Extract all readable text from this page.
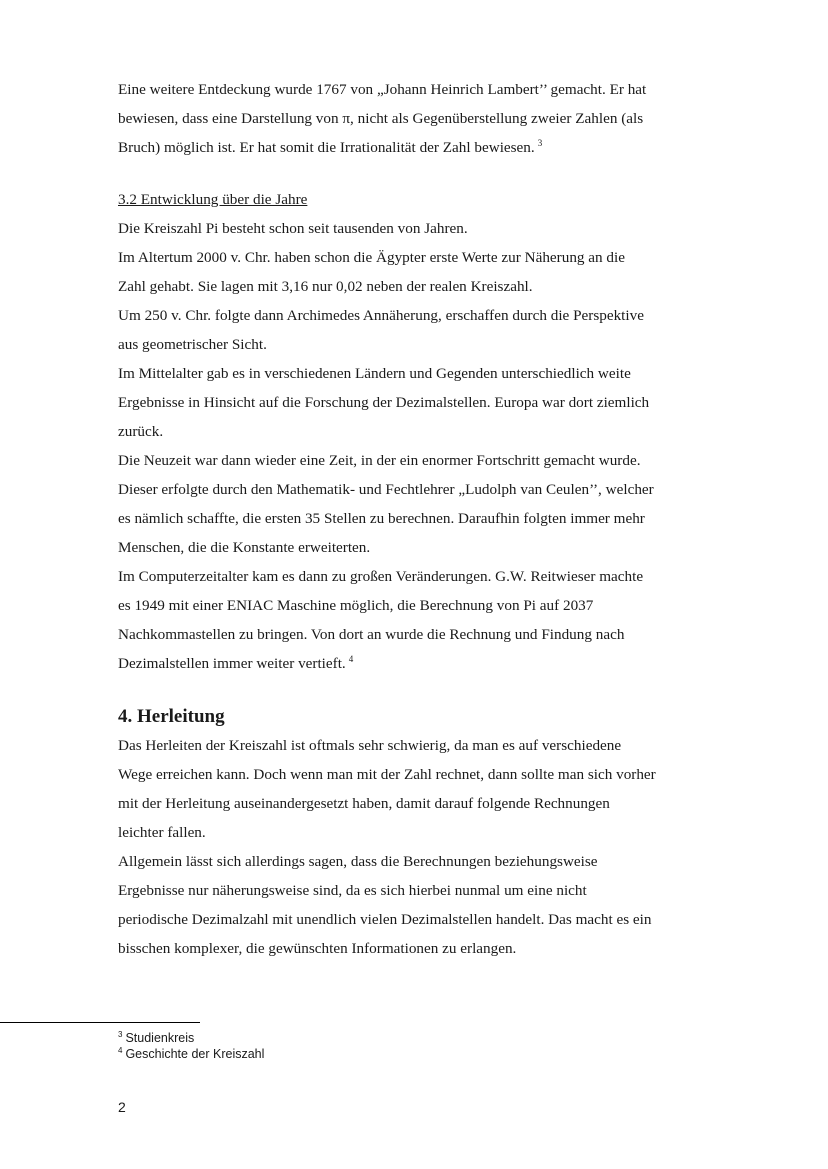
Eine weitere Entdeckung wurde 1767 von „Johann Heinrich Lambert’’ gemacht. Er hat

bewiesen, dass eine Darstellung von π, nicht als Gegenüberstellung zweier Zahlen (als

Bruch) möglich ist. Er hat somit die Irrationalität der Zahl bewiesen. $^3$

3.2 Entwicklung über die Jahre

Die Kreiszahl Pi besteht schon seit tausenden von Jahren.

Im Altertum 2000 v. Chr. haben schon die Ägypter erste Werte zur Näherung an die

Zahl gehabt. Sie lagen mit 3,16 nur 0,02 neben der realen Kreiszahl.

Um 250 v. Chr. folgte dann Archimedes Annäherung, erschaffen durch die Perspektive

aus geometrischer Sicht.

Im Mittelalter gab es in verschiedenen Ländern und Gegenden unterschiedlich weite

Ergebnisse in Hinsicht auf die Forschung der Dezimalstellen. Europa war dort ziemlich

zurück.

Die Neuzeit war dann wieder eine Zeit, in der ein enormer Fortschritt gemacht wurde.

Dieser erfolgte durch den Mathematik- und Fechtlehrer „Ludolph van Ceulen’’, welcher

es nämlich schaffte, die ersten 35 Stellen zu berechnen. Daraufhin folgten immer mehr

Menschen, die die Konstante erweiterten.

Im Computerzeitalter kam es dann zu großen Veränderungen. G.W. Reitwieser machte

es 1949 mit einer ENIAC Maschine möglich, die Berechnung von Pi auf 2037

Nachkommastellen zu bringen. Von dort an wurde die Rechnung und Findung nach

Dezimalstellen immer weiter vertieft. $^4$

4. Herleitung

Das Herleiten der Kreiszahl ist oftmals sehr schwierig, da man es auf verschiedene

Wege erreichen kann. Doch wenn man mit der Zahl rechnet, dann sollte man sich vorher

mit der Herleitung auseinandergesetzt haben, damit darauf folgende Rechnungen

leichter fallen.

Allgemein lässt sich allerdings sagen, dass die Berechnungen beziehungsweise

Ergebnisse nur näherungsweise sind, da es sich hierbei nunmal um eine nicht

periodische Dezimalzahl mit unendlich vielen Dezimalstellen handelt. Das macht es ein

bisschen komplexer, die gewünschten Informationen zu erlangen.

$^3$ Studienkreis
$^4$ Geschichte der Kreiszahl
2
